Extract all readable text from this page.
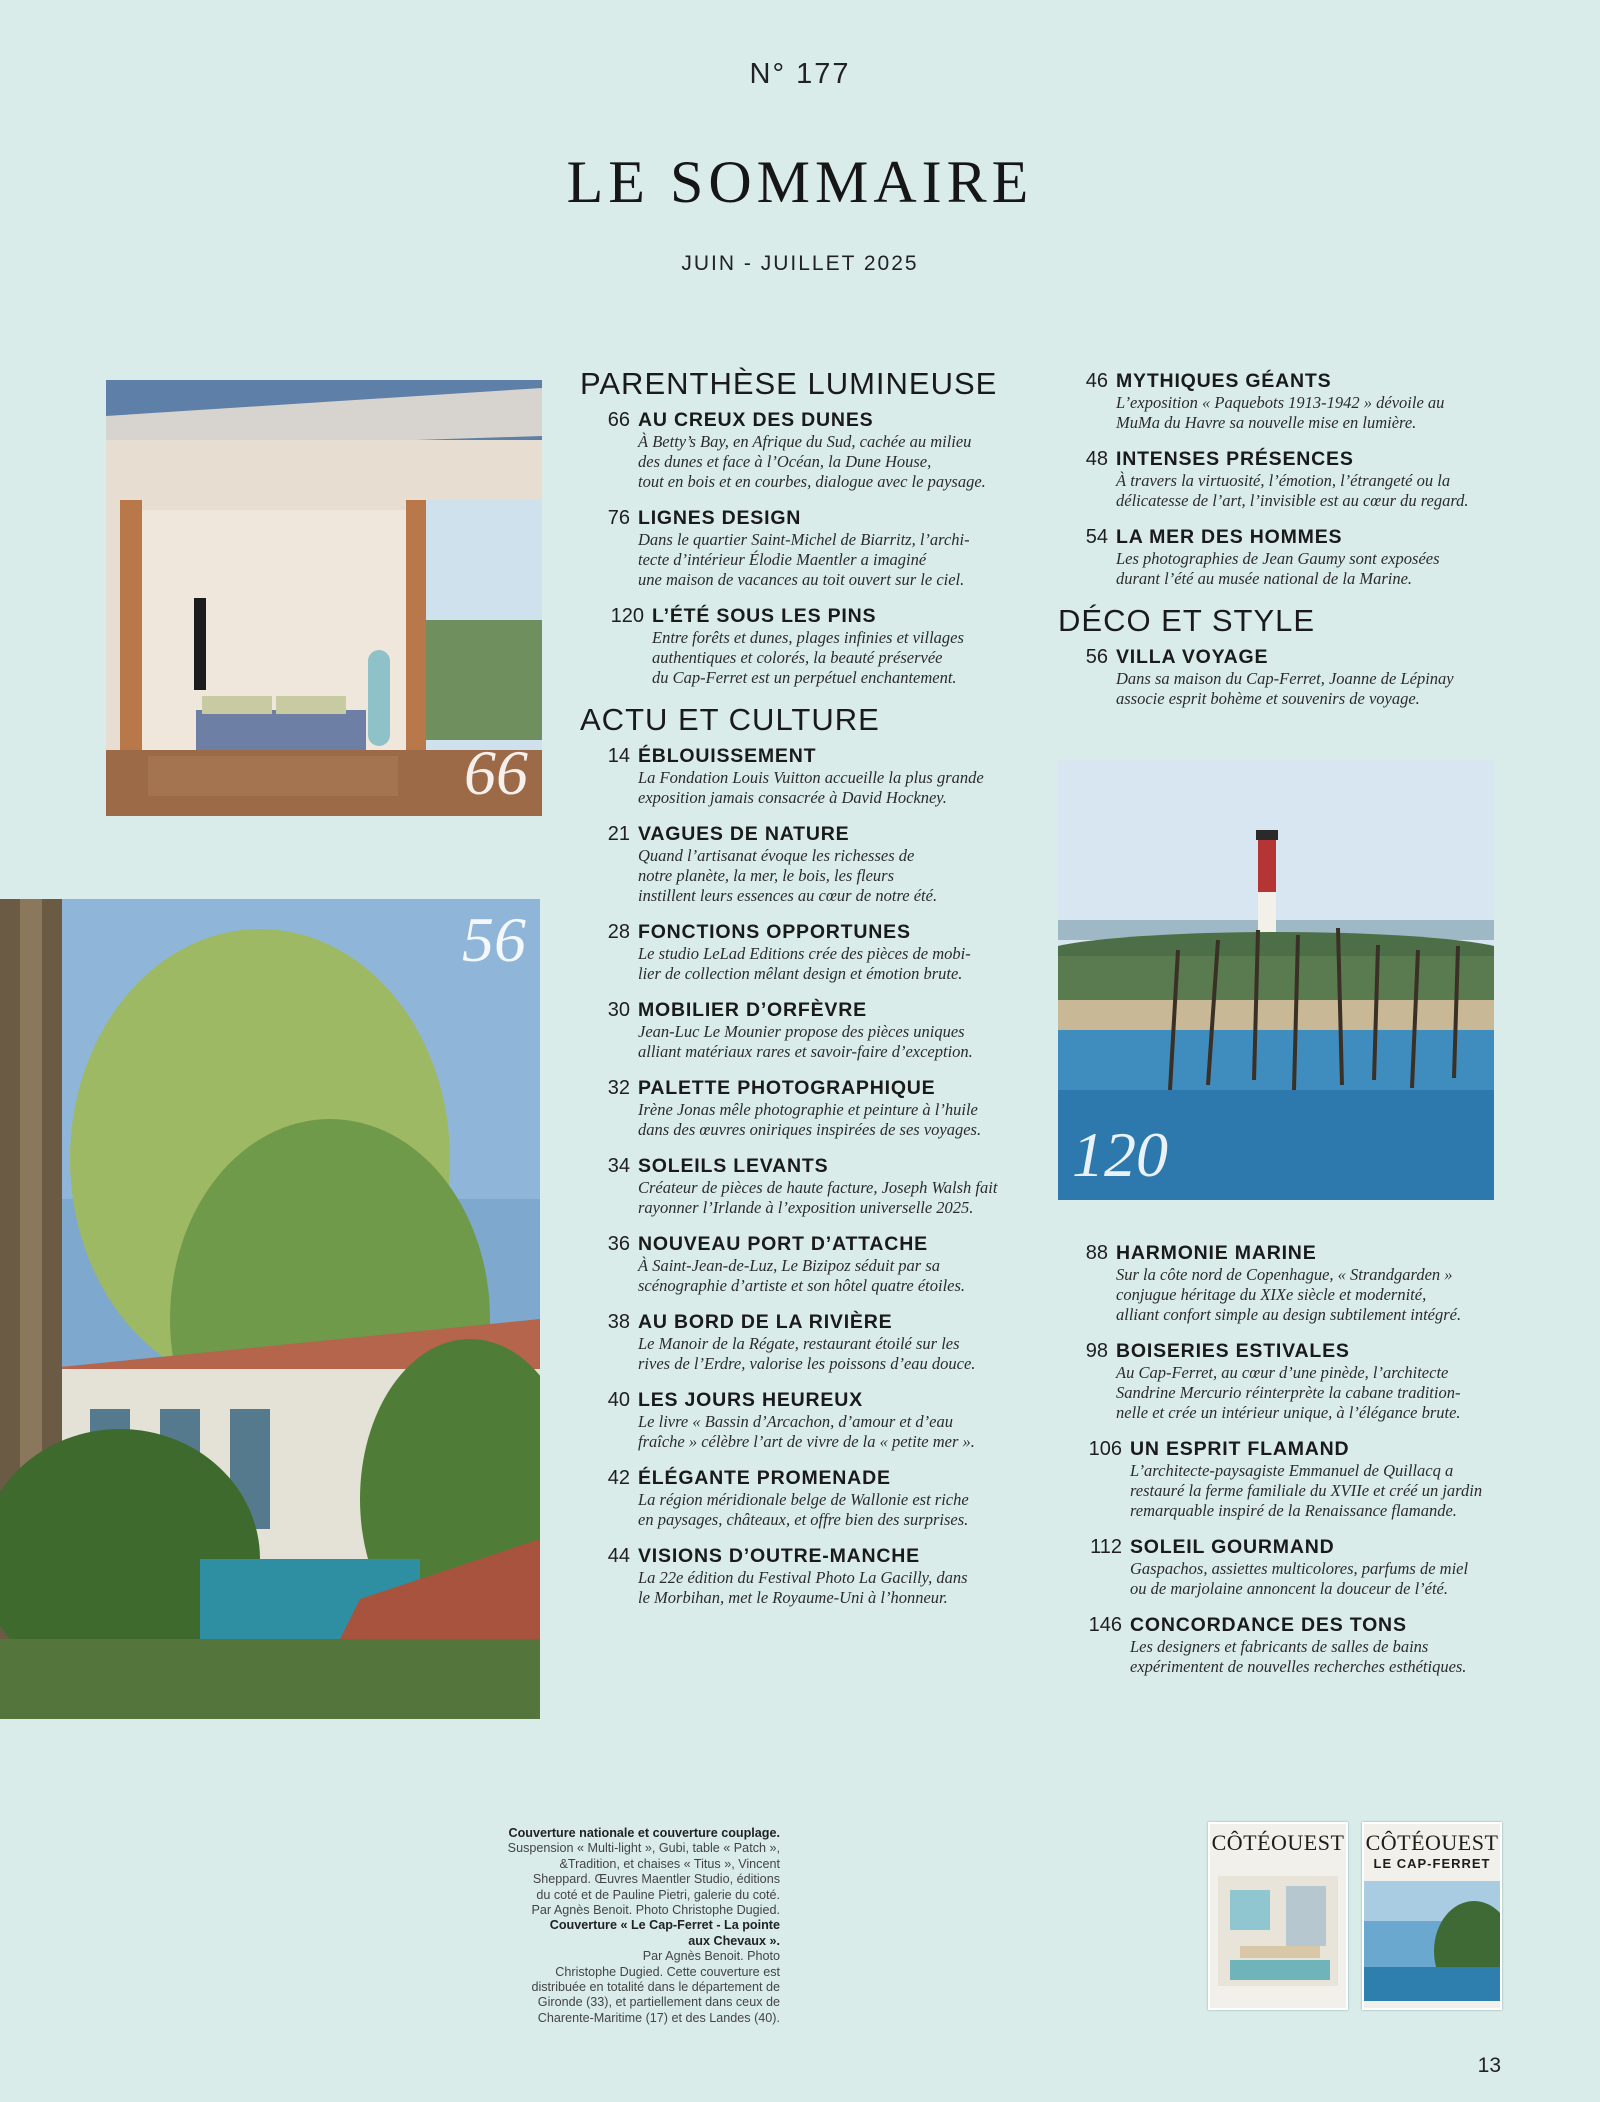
N° 177
LE SOMMAIRE
JUIN - JUILLET 2025
66
56
120
PARENTHÈSE LUMINEUSE
66 AU CREUX DES DUNES
À Betty’s Bay, en Afrique du Sud, cachée au milieu
des dunes et face à l’Océan, la Dune House,
tout en bois et en courbes, dialogue avec le paysage.
76 LIGNES DESIGN
Dans le quartier Saint-Michel de Biarritz, l’archi-
tecte d’intérieur Élodie Maentler a imaginé
une maison de vacances au toit ouvert sur le ciel.
120 L’ÉTÉ SOUS LES PINS
Entre forêts et dunes, plages infinies et villages
authentiques et colorés, la beauté préservée
du Cap-Ferret est un perpétuel enchantement.
ACTU ET CULTURE
14 ÉBLOUISSEMENT
La Fondation Louis Vuitton accueille la plus grande
exposition jamais consacrée à David Hockney.
21 VAGUES DE NATURE
Quand l’artisanat évoque les richesses de
notre planète, la mer, le bois, les fleurs
instillent leurs essences au cœur de notre été.
28 FONCTIONS OPPORTUNES
Le studio LeLad Editions crée des pièces de mobi-
lier de collection mêlant design et émotion brute.
30 MOBILIER D’ORFÈVRE
Jean-Luc Le Mounier propose des pièces uniques
alliant matériaux rares et savoir-faire d’exception.
32 PALETTE PHOTOGRAPHIQUE
Irène Jonas mêle photographie et peinture à l’huile
dans des œuvres oniriques inspirées de ses voyages.
34 SOLEILS LEVANTS
Créateur de pièces de haute facture, Joseph Walsh fait
rayonner l’Irlande à l’exposition universelle 2025.
36 NOUVEAU PORT D’ATTACHE
À Saint-Jean-de-Luz, Le Bizipoz séduit par sa
scénographie d’artiste et son hôtel quatre étoiles.
38 AU BORD DE LA RIVIÈRE
Le Manoir de la Régate, restaurant étoilé sur les
rives de l’Erdre, valorise les poissons d’eau douce.
40 LES JOURS HEUREUX
Le livre « Bassin d’Arcachon, d’amour et d’eau
fraîche » célèbre l’art de vivre de la « petite mer ».
42 ÉLÉGANTE PROMENADE
La région méridionale belge de Wallonie est riche
en paysages, châteaux, et offre bien des surprises.
44 VISIONS D’OUTRE-MANCHE
La 22e édition du Festival Photo La Gacilly, dans
le Morbihan, met le Royaume-Uni à l’honneur.
46 MYTHIQUES GÉANTS
L’exposition « Paquebots 1913-1942 » dévoile au
MuMa du Havre sa nouvelle mise en lumière.
48 INTENSES PRÉSENCES
À travers la virtuosité, l’émotion, l’étrangeté ou la
délicatesse de l’art, l’invisible est au cœur du regard.
54 LA MER DES HOMMES
Les photographies de Jean Gaumy sont exposées
durant l’été au musée national de la Marine.
DÉCO ET STYLE
56 VILLA VOYAGE
Dans sa maison du Cap-Ferret, Joanne de Lépinay
associe esprit bohème et souvenirs de voyage.
88 HARMONIE MARINE
Sur la côte nord de Copenhague, « Strandgarden »
conjugue héritage du XIXe siècle et modernité,
alliant confort simple au design subtilement intégré.
98 BOISERIES ESTIVALES
Au Cap-Ferret, au cœur d’une pinède, l’architecte
Sandrine Mercurio réinterprète la cabane tradition-
nelle et crée un intérieur unique, à l’élégance brute.
106 UN ESPRIT FLAMAND
L’architecte-paysagiste Emmanuel de Quillacq a
restauré la ferme familiale du XVIIe et créé un jardin
remarquable inspiré de la Renaissance flamande.
112 SOLEIL GOURMAND
Gaspachos, assiettes multicolores, parfums de miel
ou de marjolaine annoncent la douceur de l’été.
146 CONCORDANCE DES TONS
Les designers et fabricants de salles de bains
expérimentent de nouvelles recherches esthétiques.
Couverture nationale et couverture couplage.
Suspension « Multi-light », Gubi, table « Patch »,
&Tradition, et chaises « Titus », Vincent
Sheppard. Œuvres Maentler Studio, éditions
du coté et de Pauline Pietri, galerie du coté.
Par Agnès Benoit. Photo Christophe Dugied.
Couverture « Le Cap-Ferret - La pointe
aux Chevaux ».
Par Agnès Benoit. Photo
Christophe Dugied. Cette couverture est
distribuée en totalité dans le département de
Gironde (33), et partiellement dans ceux de
Charente-Maritime (17) et des Landes (40).
CÔTÉOUEST CÔTÉOUEST
LE CAP-FERRET
13
